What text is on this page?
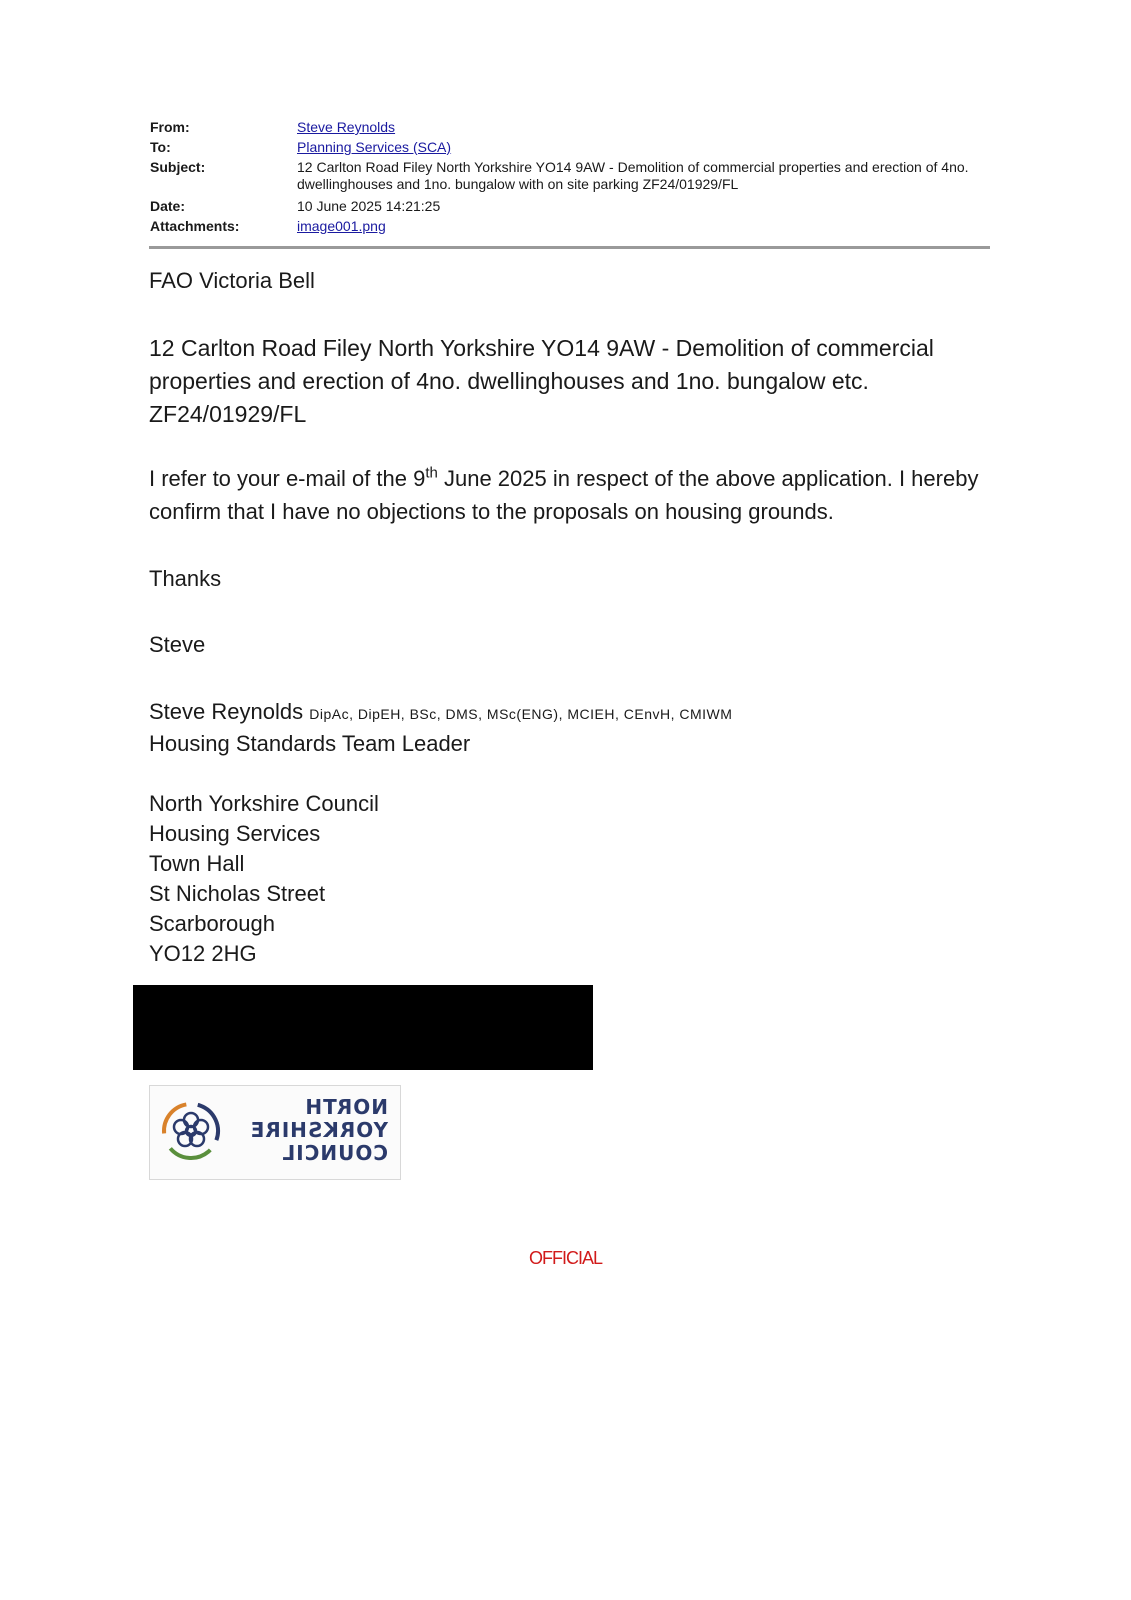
From:	Steve Reynolds
To:	Planning Services (SCA)
Subject:	12 Carlton Road Filey North Yorkshire YO14 9AW - Demolition of commercial properties and erection of 4no.
dwellinghouses and 1no. bungalow with on site parking ZF24/01929/FL
Date:	10 June 2025 14:21:25
Attachments:	image001.png
FAO Victoria Bell
12 Carlton Road Filey North Yorkshire YO14 9AW - Demolition of commercial
properties and erection of 4no. dwellinghouses and 1no. bungalow etc.
ZF24/01929/FL
I refer to your e-mail of the 9th June 2025 in respect of the above application. I hereby
confirm that I have no objections to the proposals on housing grounds.
Thanks
Steve
Steve Reynolds DipAc, DipEH, BSc, DMS, MSc(ENG), MCIEH, CEnvH, CMIWM
Housing Standards Team Leader
North Yorkshire Council
Housing Services
Town Hall
St Nicholas Street
Scarborough
YO12 2HG
NORTH
YORKSHIRE
COUNCIL
OFFICIAL
